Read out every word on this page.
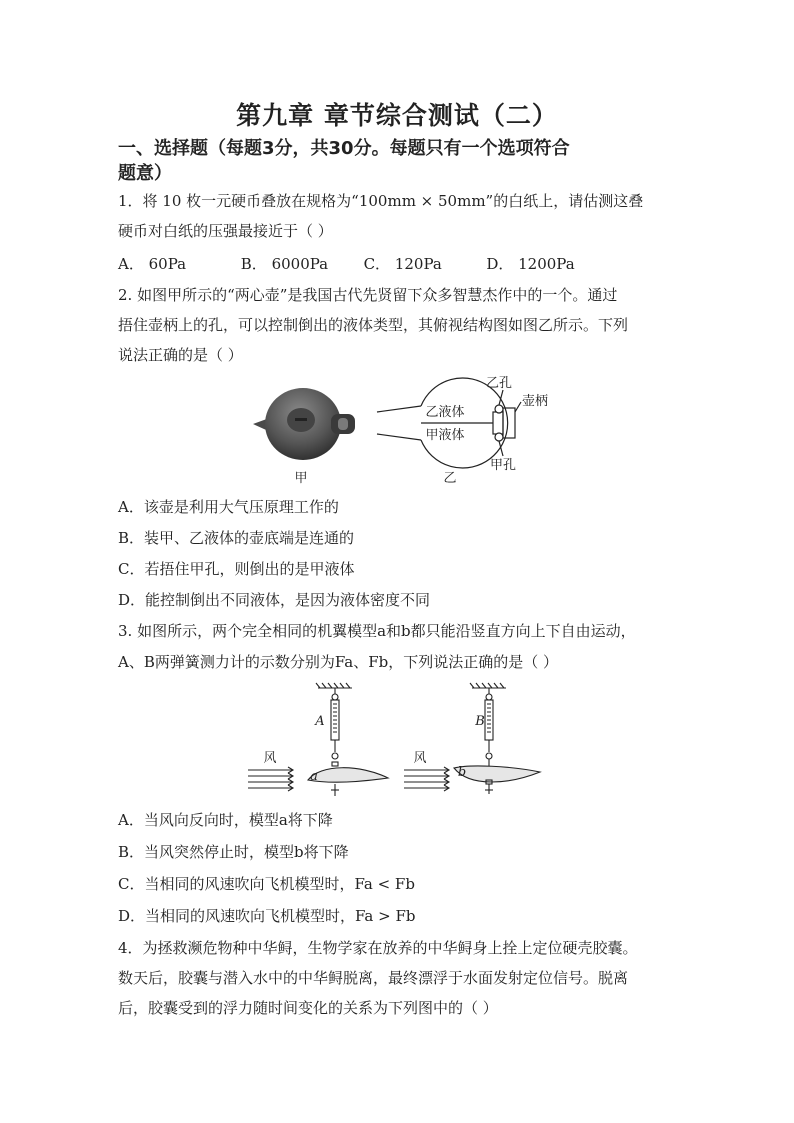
第九章 章节综合测试（二）
一、选择题（每题3分，共30分。每题只有一个选项符合
题意）
1．将 10 枚一元硬币叠放在规格为“100mm × 50mm”的白纸上，请估测这叠
硬币对白纸的压强最接近于（ ）
A． 60Pa	B． 6000Pa C． 120Pa	D． 1200Pa
2. 如图甲所示的“两心壶”是我国古代先贤留下众多智慧杰作中的一个。通过
捂住壶柄上的孔，可以控制倒出的液体类型，其俯视结构图如图乙所示。下列
说法正确的是（ ）
甲
乙液体
甲液体
乙孔
壶柄
甲孔
乙
A．该壶是利用大气压原理工作的
B．装甲、乙液体的壶底端是连通的
C．若捂住甲孔，则倒出的是甲液体
D．能控制倒出不同液体，是因为液体密度不同
3. 如图所示，两个完全相同的机翼模型a和b都只能沿竖直方向上下自由运动，
A、B两弹簧测力计的示数分别为Fa、Fb，下列说法正确的是（ ）
风
A
a
风
B
b
A．当风向反向时，模型a将下降
B．当风突然停止时，模型b将下降
C．当相同的风速吹向飞机模型时，Fa < Fb
D．当相同的风速吹向飞机模型时，Fa > Fb
4．为拯救濒危物种中华鲟，生物学家在放养的中华鲟身上拴上定位硬壳胶囊。
数天后，胶囊与潜入水中的中华鲟脱离，最终漂浮于水面发射定位信号。脱离
后，胶囊受到的浮力随时间变化的关系为下列图中的（ ）
